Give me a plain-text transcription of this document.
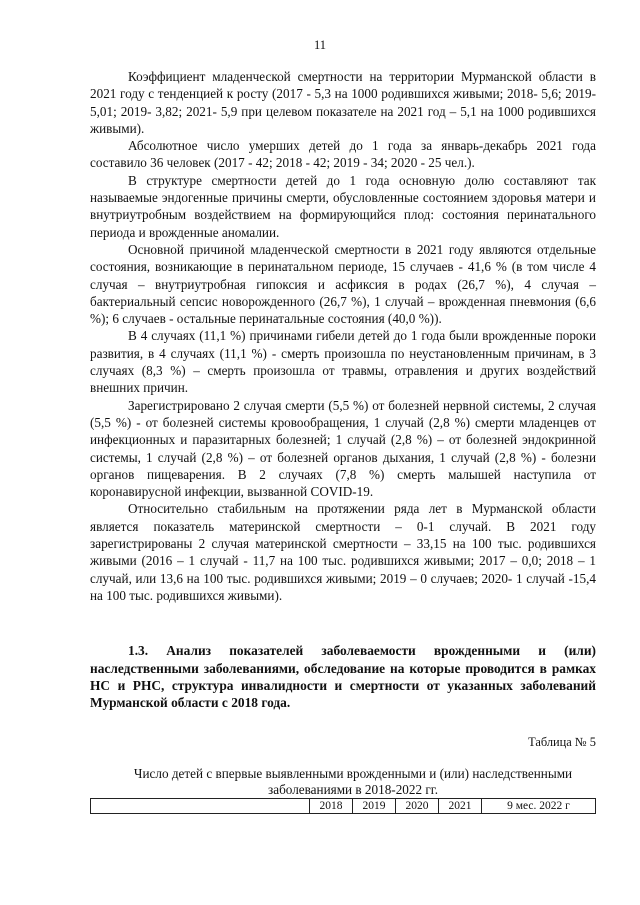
11

Коэффициент младенческой смертности на территории Мурманской области в 2021 году с тенденцией к росту (2017 - 5,3 на 1000 родившихся живыми; 2018- 5,6; 2019- 5,01; 2019- 3,82; 2021- 5,9 при целевом показателе на 2021 год – 5,1 на 1000 родившихся живыми).

Абсолютное число умерших детей до 1 года за январь-декабрь 2021 года составило 36 человек (2017 - 42; 2018 - 42; 2019 - 34; 2020 - 25 чел.).

В структуре смертности детей до 1 года основную долю составляют так называемые эндогенные причины смерти, обусловленные состоянием здоровья матери и внутриутробным воздействием на формирующийся плод: состояния перинатального периода и врожденные аномалии.

Основной причиной младенческой смертности в 2021 году являются отдельные состояния, возникающие в перинатальном периоде, 15 случаев - 41,6 % (в том числе 4 случая – внутриутробная гипоксия и асфиксия в родах (26,7 %), 4 случая – бактериальный сепсис новорожденного (26,7 %), 1 случай – врожденная пневмония (6,6 %); 6 случаев - остальные перинатальные состояния (40,0 %)).

В 4 случаях (11,1 %) причинами гибели детей до 1 года были врожденные пороки развития, в 4 случаях (11,1 %) - смерть произошла по неустановленным причинам, в 3 случаях (8,3 %) – смерть произошла от травмы, отравления и других воздействий внешних причин.

Зарегистрировано 2 случая смерти (5,5 %) от болезней нервной системы, 2 случая (5,5 %) - от болезней системы кровообращения, 1 случай (2,8 %) смерти младенцев от инфекционных и паразитарных болезней; 1 случай (2,8 %) – от болезней эндокринной системы, 1 случай (2,8 %) – от болезней органов дыхания, 1 случай (2,8 %) - болезни органов пищеварения. В 2 случаях (7,8 %) смерть малышей наступила от коронавирусной инфекции, вызванной COVID-19.

Относительно стабильным на протяжении ряда лет в Мурманской области является показатель материнской смертности – 0-1 случай. В 2021 году зарегистрированы 2 случая материнской смертности – 33,15 на 100 тыс. родившихся живыми (2016 – 1 случай - 11,7 на 100 тыс. родившихся живыми; 2017 – 0,0; 2018 – 1 случай, или 13,6 на 100 тыс. родившихся живыми; 2019 – 0 случаев; 2020- 1 случай -15,4 на 100 тыс. родившихся живыми).

1.3. Анализ показателей заболеваемости врожденными и (или) наследственными заболеваниями, обследование на которые проводится в рамках НС и РНС, структура инвалидности и смертности от указанных заболеваний Мурманской области с 2018 года.
Таблица № 5
Число детей с впервые выявленными врожденными и (или) наследственными заболеваниями в 2018-2022 гг.
	2018	2019	2020	2021	9 мес. 2022 г
